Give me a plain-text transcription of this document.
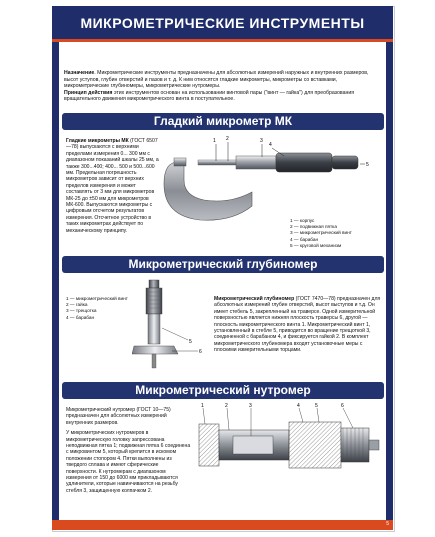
МИКРОМЕТРИЧЕСКИЕ ИНСТРУМЕНТЫ
Назначение. Микрометрические инструменты предназначены для абсолютных измерений наружных и внутренних размеров, высот уступов, глубин отверстий и пазов и т. д. К ним относятся гладкие микрометры, микрометры со вставками, микрометрические глубиномеры, микрометрические нутромеры.
Принцип действия этих инструментов основан на использовании винтовой пары ("винт — гайка") для преобразования вращательного движения микрометрического винта в поступательное.
Гладкий микрометр МК
Гладкие микрометры МК (ГОСТ 6507—78) выпускаются с верхними пределами измерения 0... 300 мм с диапазоном показаний шкалы 25 мм, а также 300...400; 400... 500 и 500...600 мм. Предельная погрешность микрометров зависит от верхних пределов измерения и может составлять от 3 мм для микрометров МК-25 до ±50 мм для микрометров МК-600. Выпускаются микрометры с цифровым отсчетом результатов измерения. Отсчетное устройство в таких микрометрах действует по механическому принципу.
1 2	3
4
5
1 — корпус
2 — подвижная пятка
3 — микрометрический винт
4 — барабан
5 — круговой механизм
Микрометрический глубиномер
1 — микрометрический винт
2 — гайка
3 — трещотка
4 — барабан
5
6
Микрометрический глубиномер (ГОСТ 7470—78) предназначен для абсолютных измерений глубин отверстий, высот выступов и т.д. Он имеет стебель 5, закрепленный на траверсе. Одной измерительной поверхностью является нижняя плоскость траверсы 6, другой — плоскость микрометрического винта 1. Микрометрический винт 1, установленный в стебле 5, приводится во вращение трещоткой 3, соединенной с барабаном 4, и фиксируется гайкой 2. В комплект микрометрического глубиномера входят установочные меры с плоскими измерительными торцами.
Микрометрический нутромер
Микрометрический нутромер (ГОСТ 10—75) предназначен для абсолютных измерений внутренних размеров.
У микрометрических нутромеров в микрометрическую головку запрессована неподвижная пятка 1; подвижная пятка 6 соединена с микровинтом 5, который крепится в искомом положении стопором 4. Пятки выполнены из твердого сплава и имеют сферические поверхности. К нутромерам с диапазоном измерения от 150 до 6000 мм прикладываются удлинители, которые навинчиваются на резьбу стебля 3, защищенную колпачком 2.
1	2	3	4	5	6
5
